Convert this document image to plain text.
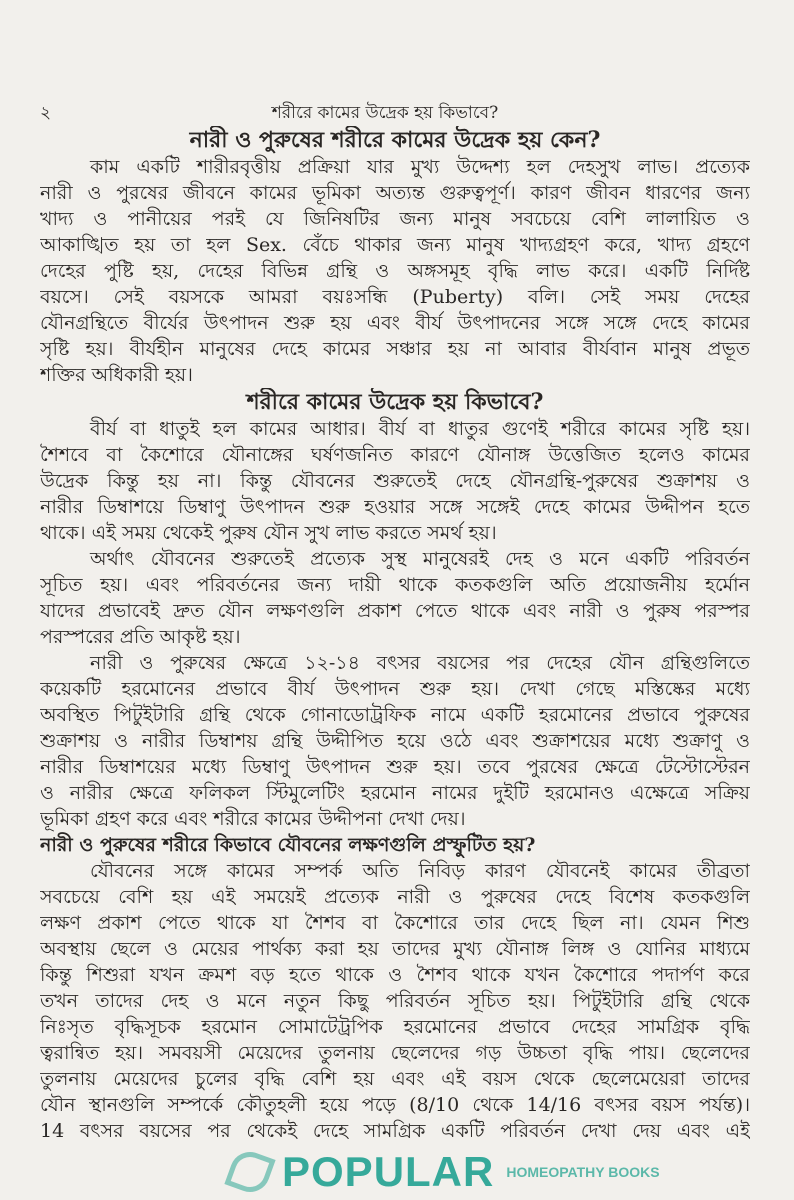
২	শরীরে কামের উদ্রেক হয় কিভাবে?
নারী ও পুরুষের শরীরে কামের উদ্রেক হয় কেন?
কাম একটি শারীরবৃত্তীয় প্রক্রিয়া যার মুখ্য উদ্দেশ্য হল দেহসুখ লাভ। প্রত্যেক
নারী ও পুরষের জীবনে কামের ভূমিকা অত্যন্ত গুরুত্বপূর্ণ। কারণ জীবন ধারণের জন্য
খাদ্য ও পানীয়ের পরই যে জিনিষটির জন্য মানুষ সবচেয়ে বেশি লালায়িত ও
আকাঙ্খিত হয় তা হল Sex. বেঁচে থাকার জন্য মানুষ খাদ্যগ্রহণ করে, খাদ্য গ্রহণে
দেহের পুষ্টি হয়, দেহের বিভিন্ন গ্রন্থি ও অঙ্গসমূহ বৃদ্ধি লাভ করে। একটি নির্দিষ্ট
বয়সে। সেই বয়সকে আমরা বয়ঃসন্ধি (Puberty) বলি। সেই সময় দেহের
যৌনগ্রন্থিতে বীর্যের উৎপাদন শুরু হয় এবং বীর্য উৎপাদনের সঙ্গে সঙ্গে দেহে কামের
সৃষ্টি হয়। বীর্যহীন মানুষের দেহে কামের সঞ্চার হয় না আবার বীর্যবান মানুষ প্রভূত
শক্তির অধিকারী হয়।
শরীরে কামের উদ্রেক হয় কিভাবে?
বীর্য বা ধাতুই হল কামের আধার। বীর্য বা ধাতুর গুণেই শরীরে কামের সৃষ্টি হয়।
শৈশবে বা কৈশোরে যৌনাঙ্গের ঘর্ষণজনিত কারণে যৌনাঙ্গ উত্তেজিত হলেও কামের
উদ্রেক কিন্তু হয় না। কিন্তু যৌবনের শুরুতেই দেহে যৌনগ্রন্থি-পুরুষের শুক্রাশয় ও
নারীর ডিম্বাশয়ে ডিম্বাণু উৎপাদন শুরু হওয়ার সঙ্গে সঙ্গেই দেহে কামের উদ্দীপন হতে
থাকে। এই সময় থেকেই পুরুষ যৌন সুখ লাভ করতে সমর্থ হয়।
অর্থাৎ যৌবনের শুরুতেই প্রত্যেক সুস্থ মানুষেরই দেহ ও মনে একটি পরিবর্তন
সূচিত হয়। এবং পরিবর্তনের জন্য দায়ী থাকে কতকগুলি অতি প্রয়োজনীয় হর্মোন
যাদের প্রভাবেই দ্রুত যৌন লক্ষণগুলি প্রকাশ পেতে থাকে এবং নারী ও পুরুষ পরস্পর
পরস্পরের প্রতি আকৃষ্ট হয়।
নারী ও পুরুষের ক্ষেত্রে ১২-১৪ বৎসর বয়সের পর দেহের যৌন গ্রন্থিগুলিতে
কয়েকটি হরমোনের প্রভাবে বীর্য উৎপাদন শুরু হয়। দেখা গেছে মস্তিষ্কের মধ্যে
অবস্থিত পিটুইটারি গ্রন্থি থেকে গোনাডোট্রফিক নামে একটি হরমোনের প্রভাবে পুরুষের
শুক্রাশয় ও নারীর ডিম্বাশয় গ্রন্থি উদ্দীপিত হয়ে ওঠে এবং শুক্রাশয়ের মধ্যে শুক্রাণু ও
নারীর ডিম্বাশয়ের মধ্যে ডিম্বাণু উৎপাদন শুরু হয়। তবে পুরষের ক্ষেত্রে টেস্টোস্টেরন
ও নারীর ক্ষেত্রে ফলিকল স্টিমুলেটিং হরমোন নামের দুইটি হরমোনও এক্ষেত্রে সক্রিয়
ভূমিকা গ্রহণ করে এবং শরীরে কামের উদ্দীপনা দেখা দেয়।
নারী ও পুরুষের শরীরে কিভাবে যৌবনের লক্ষণগুলি প্রস্ফুটিত হয়?
যৌবনের সঙ্গে কামের সম্পর্ক অতি নিবিড় কারণ যৌবনেই কামের তীব্রতা
সবচেয়ে বেশি হয় এই সময়েই প্রত্যেক নারী ও পুরুষের দেহে বিশেষ কতকগুলি
লক্ষণ প্রকাশ পেতে থাকে যা শৈশব বা কৈশোরে তার দেহে ছিল না। যেমন শিশু
অবস্থায় ছেলে ও মেয়ের পার্থক্য করা হয় তাদের মুখ্য যৌনাঙ্গ লিঙ্গ ও যোনির মাধ্যমে
কিন্তু শিশুরা যখন ক্রমশ বড় হতে থাকে ও শৈশব থাকে যখন কৈশোরে পদার্পণ করে
তখন তাদের দেহ ও মনে নতুন কিছু পরিবর্তন সূচিত হয়। পিটুইটারি গ্রন্থি থেকে
নিঃসৃত বৃদ্ধিসূচক হরমোন সোমাটেট্রপিক হরমোনের প্রভাবে দেহের সামগ্রিক বৃদ্ধি
ত্বরান্বিত হয়। সমবয়সী মেয়েদের তুলনায় ছেলেদের গড় উচ্চতা বৃদ্ধি পায়। ছেলেদের
তুলনায় মেয়েদের চুলের বৃদ্ধি বেশি হয় এবং এই বয়স থেকে ছেলেমেয়েরা তাদের
যৌন স্থানগুলি সম্পর্কে কৌতুহলী হয়ে পড়ে (8/10 থেকে 14/16 বৎসর বয়স পর্যন্ত)।
14 বৎসর বয়সের পর থেকেই দেহে সামগ্রিক একটি পরিবর্তন দেখা দেয় এবং এই
POPULAR HOMEOPATHY BOOKS
